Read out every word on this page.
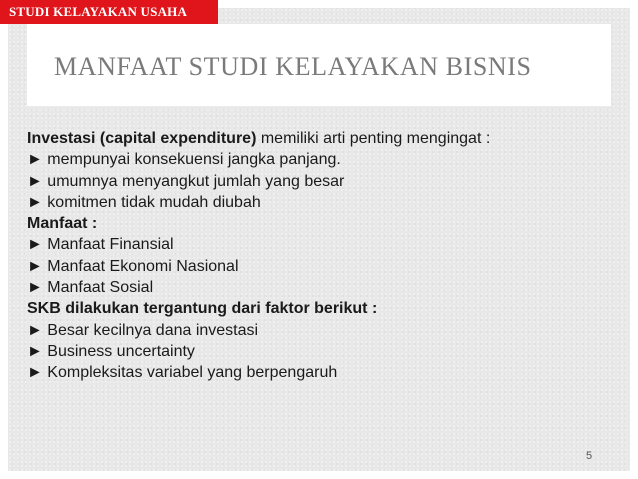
STUDI KELAYAKAN USAHA
MANFAAT STUDI KELAYAKAN BISNIS
Investasi (capital expenditure) memiliki arti penting mengingat :
► mempunyai konsekuensi jangka panjang.
► umumnya menyangkut jumlah yang besar
► komitmen tidak mudah diubah
Manfaat :
► Manfaat Finansial
► Manfaat Ekonomi Nasional
► Manfaat Sosial
SKB dilakukan tergantung dari faktor berikut :
► Besar kecilnya dana investasi
► Business uncertainty
► Kompleksitas variabel yang berpengaruh
5
